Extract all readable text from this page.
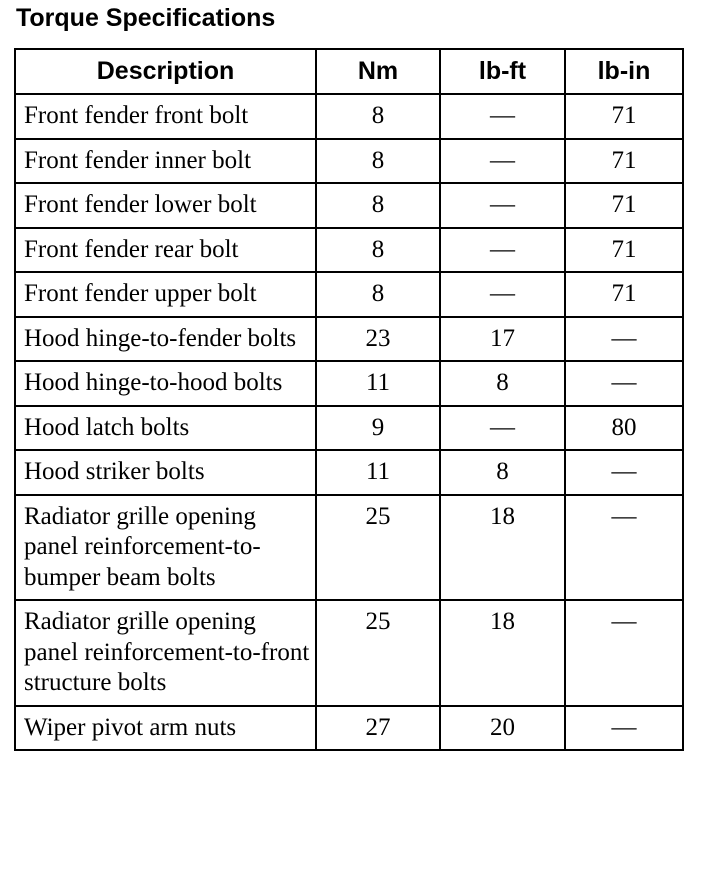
Torque Specifications
Description	Nm	lb-ft	lb-in
Front fender front bolt	8	—	71
Front fender inner bolt	8	—	71
Front fender lower bolt	8	—	71
Front fender rear bolt	8	—	71
Front fender upper bolt	8	—	71
Hood hinge-to-fender bolts	23	17	—
Hood hinge-to-hood bolts	11	8	—
Hood latch bolts	9	—	80
Hood striker bolts	11	8	—
Radiator grille opening panel reinforcement-to-bumper beam bolts	25	18	—
Radiator grille opening panel reinforcement-to-front structure bolts	25	18	—
Wiper pivot arm nuts	27	20	—
